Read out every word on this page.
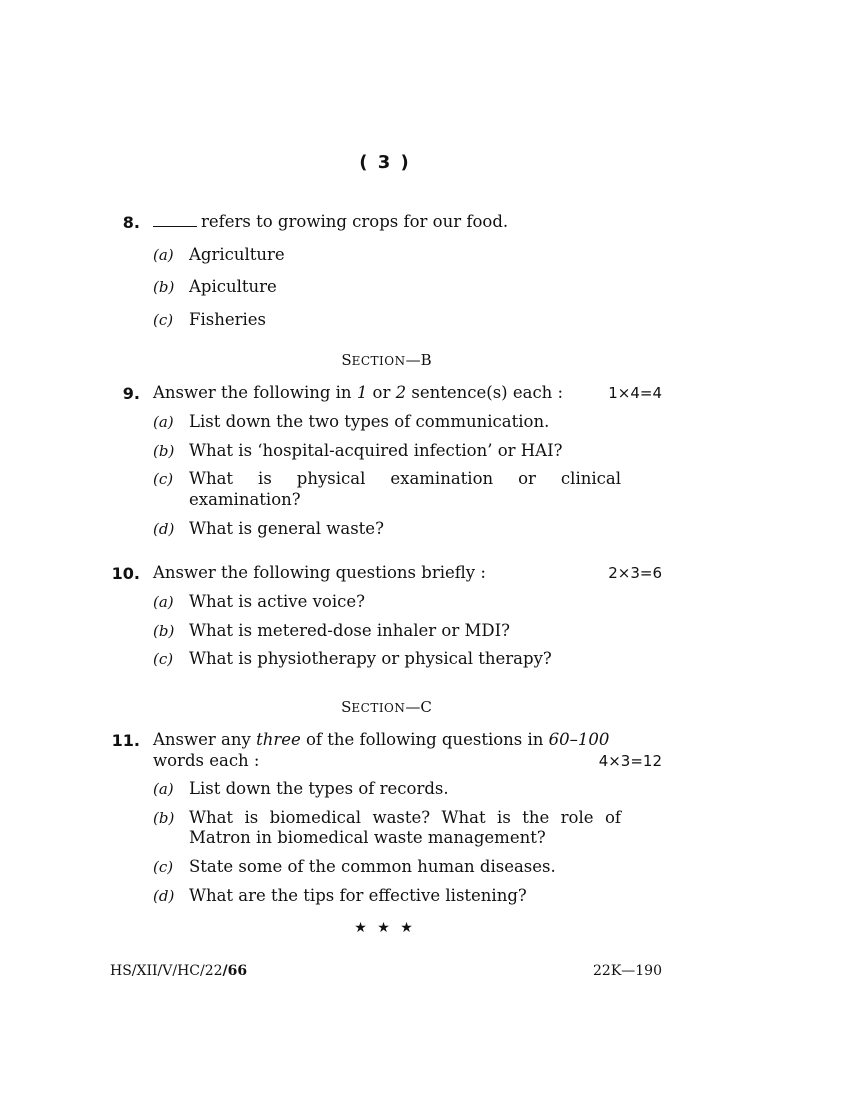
( 3 )
8.	refers to growing crops for our food.
(a) Agriculture
(b) Apiculture
(c) Fisheries
SECTION—B
9. Answer the following in 1 or 2 sentence(s) each :	1×4=4
(a) List down the two types of communication.
(b) What is ‘hospital-acquired infection’ or HAI?
(c) What is physical examination or clinical
examination?
(d) What is general waste?
10. Answer the following questions briefly :	2×3=6
(a) What is active voice?
(b) What is metered-dose inhaler or MDI?
(c) What is physiotherapy or physical therapy?
SECTION—C
11. Answer any three of the following questions in 60–100
words each :	4×3=12
(a) List down the types of records.
(b) What is biomedical waste? What is the role of
Matron in biomedical waste management?
(c) State some of the common human diseases.
(d) What are the tips for effective listening?
★ ★ ★
HS/XII/V/HC/22/66	22K—190
